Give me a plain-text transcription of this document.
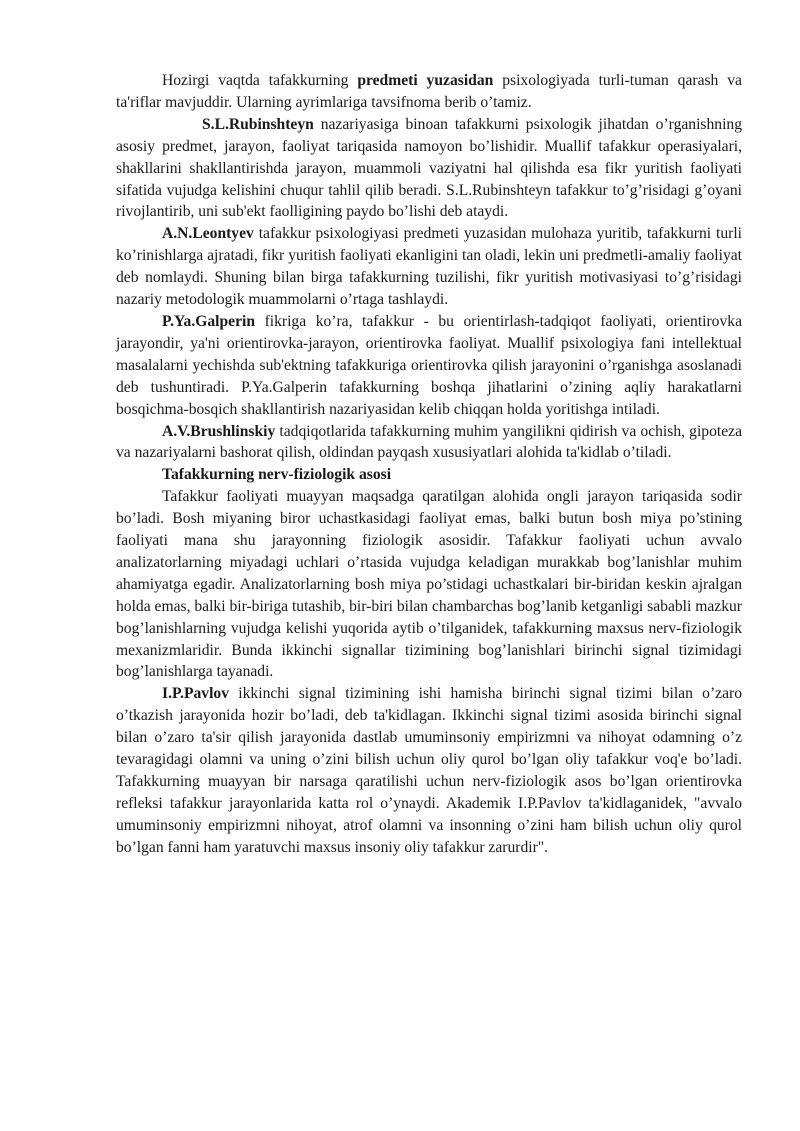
Hozirgi vaqtda tafakkurning predmeti yuzasidan psixologiyada turli-tuman qarash va ta'riflar mavjuddir. Ularning ayrimlariga tavsifnoma berib o’tamiz.

S.L.Rubinshteyn nazariyasiga binoan tafakkurni psixologik jihatdan o’rganishning asosiy predmet, jarayon, faoliyat tariqasida namoyon bo’lishidir. Muallif tafakkur operasiyalari, shakllarini shakllantirishda jarayon, muammoli vaziyatni hal qilishda esa fikr yuritish faoliyati sifatida vujudga kelishini chuqur tahlil qilib beradi. S.L.Rubinshteyn tafakkur to’g’risidagi g’oyani rivojlantirib, uni sub'ekt faolligining paydo bo’lishi deb ataydi.

A.N.Leontyev tafakkur psixologiyasi predmeti yuzasidan mulohaza yuritib, tafakkurni turli ko’rinishlarga ajratadi, fikr yuritish faoliyati ekanligini tan oladi, lekin uni predmetli-amaliy faoliyat deb nomlaydi. Shuning bilan birga tafakkurning tuzilishi, fikr yuritish motivasiyasi to’g’risidagi nazariy metodologik muammolarni o’rtaga tashlaydi.

P.Ya.Galperin fikriga ko’ra, tafakkur - bu orientirlash-tadqiqot faoliyati, orientirovka jarayondir, ya'ni orientirovka-jarayon, orientirovka faoliyat. Muallif psixologiya fani intellektual masalalarni yechishda sub'ektning tafakkuriga orientirovka qilish jarayonini o’rganishga asoslanadi deb tushuntiradi. P.Ya.Galperin tafakkurning boshqa jihatlarini o’zining aqliy harakatlarni bosqichma-bosqich shakllantirish nazariyasidan kelib chiqqan holda yoritishga intiladi.

A.V.Brushlinskiy tadqiqotlarida tafakkurning muhim yangilikni qidirish va ochish, gipoteza va nazariyalarni bashorat qilish, oldindan payqash xususiyatlari alohida ta'kidlab o’tiladi.

Tafakkurning nerv-fiziologik asosi

Tafakkur faoliyati muayyan maqsadga qaratilgan alohida ongli jarayon tariqasida sodir bo’ladi. Bosh miyaning biror uchastkasidagi faoliyat emas, balki butun bosh miya po’stining faoliyati mana shu jarayonning fiziologik asosidir. Tafakkur faoliyati uchun avvalo analizatorlarning miyadagi uchlari o’rtasida vujudga keladigan murakkab bog’lanishlar muhim ahamiyatga egadir. Analizatorlarning bosh miya po’stidagi uchastkalari bir-biridan keskin ajralgan holda emas, balki bir-biriga tutashib, bir-biri bilan chambarchas bog’lanib ketganligi sababli mazkur bog’lanishlarning vujudga kelishi yuqorida aytib o’tilganidek, tafakkurning maxsus nerv-fiziologik mexanizmlaridir. Bunda ikkinchi signallar tizimining bog’lanishlari birinchi signal tizimidagi bog’lanishlarga tayanadi.

I.P.Pavlov ikkinchi signal tizimining ishi hamisha birinchi signal tizimi bilan o’zaro o’tkazish jarayonida hozir bo’ladi, deb ta'kidlagan. Ikkinchi signal tizimi asosida birinchi signal bilan o’zaro ta'sir qilish jarayonida dastlab umuminsoniy empirizmni va nihoyat odamning o’z tevaragidagi olamni va uning o’zini bilish uchun oliy qurol bo’lgan oliy tafakkur voq'e bo’ladi. Tafakkurning muayyan bir narsaga qaratilishi uchun nerv-fiziologik asos bo’lgan orientirovka refleksi tafakkur jarayonlarida katta rol o’ynaydi. Akademik I.P.Pavlov ta'kidlaganidek, "avvalo umuminsoniy empirizmni nihoyat, atrof olamni va insonning o’zini ham bilish uchun oliy qurol bo’lgan fanni ham yaratuvchi maxsus insoniy oliy tafakkur zarurdir".
